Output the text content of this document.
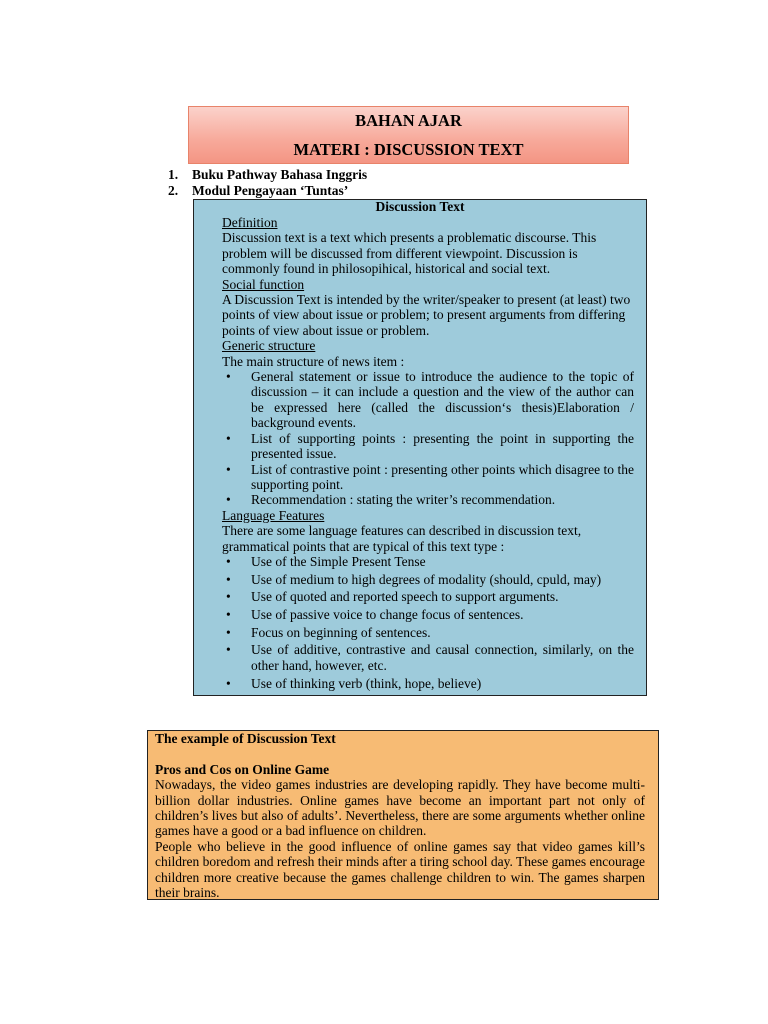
BAHAN AJAR
MATERI : DISCUSSION TEXT
1.	Buku Pathway Bahasa Inggris
2.	Modul Pengayaan ‘Tuntas’
Discussion Text

Definition

Discussion text is a text which presents a problematic discourse. This problem will be discussed from different viewpoint. Discussion is commonly found in philosopihical, historical and social text.

Social function

A Discussion Text is intended by the writer/speaker to present (at least) two points of view about issue or problem; to present arguments from differing points of view about issue or problem.

Generic structure

The main structure of news item :

• General statement or issue to introduce the audience to the topic of discussion – it can include a question and the view of the author can be expressed here (called the discussion‘s thesis)Elaboration / background events.
• List of supporting points : presenting the point in supporting the presented issue.
• List of contrastive point : presenting other points which disagree to the supporting point.
• Recommendation : stating the writer’s recommendation.

Language Features

There are some language features can described in discussion text, grammatical points that are typical of this text type :

• Use of the Simple Present Tense
• Use of medium to high degrees of modality (should, cpuld, may)
• Use of quoted and reported speech to support arguments.
• Use of passive voice to change focus of sentences.
• Focus on beginning of sentences.
• Use of additive, contrastive and causal connection, similarly, on the other hand, however, etc.
• Use of thinking verb (think, hope, believe)

The example of Discussion Text

Pros and Cos on Online Game

Nowadays, the video games industries are developing rapidly. They have become multi-billion dollar industries. Online games have become an important part not only of children’s lives but also of adults’. Nevertheless, there are some arguments whether online games have a good or a bad influence on children.

People who believe in the good influence of online games say that video games kill’s children boredom and refresh their minds after a tiring school day. These games encourage children more creative because the games challenge children to win. The games sharpen their brains.
